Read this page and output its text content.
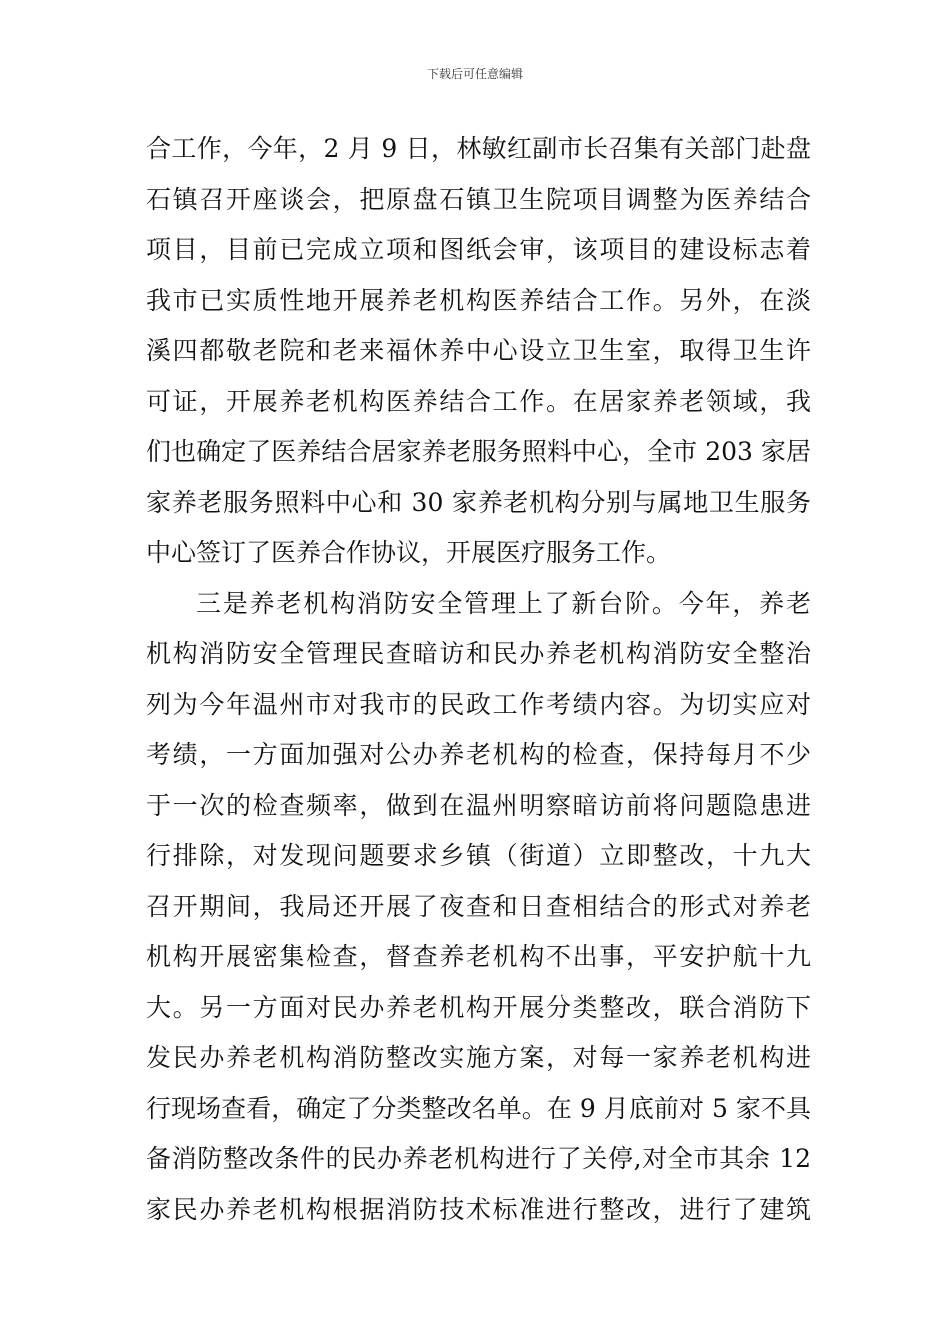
下载后可任意编辑
合工作，今年，2 月 9 日，林敏红副市长召集有关部门赴盘
石镇召开座谈会，把原盘石镇卫生院项目调整为医养结合
项目，目前已完成立项和图纸会审，该项目的建设标志着
我市已实质性地开展养老机构医养结合工作。另外，在淡
溪四都敬老院和老来福休养中心设立卫生室，取得卫生许
可证，开展养老机构医养结合工作。在居家养老领域，我
们也确定了医养结合居家养老服务照料中心，全市 203 家居
家养老服务照料中心和 30 家养老机构分别与属地卫生服务
中心签订了医养合作协议，开展医疗服务工作。
三是养老机构消防安全管理上了新台阶。今年，养老
机构消防安全管理民查暗访和民办养老机构消防安全整治
列为今年温州市对我市的民政工作考绩内容。为切实应对
考绩，一方面加强对公办养老机构的检查，保持每月不少
于一次的检查频率，做到在温州明察暗访前将问题隐患进
行排除，对发现问题要求乡镇（街道）立即整改，十九大
召开期间，我局还开展了夜查和日查相结合的形式对养老
机构开展密集检查，督查养老机构不出事，平安护航十九
大。另一方面对民办养老机构开展分类整改，联合消防下
发民办养老机构消防整改实施方案，对每一家养老机构进
行现场查看，确定了分类整改名单。在 9 月底前对 5 家不具
备消防整改条件的民办养老机构进行了关停,对全市其余 12
家民办养老机构根据消防技术标准进行整改，进行了建筑
